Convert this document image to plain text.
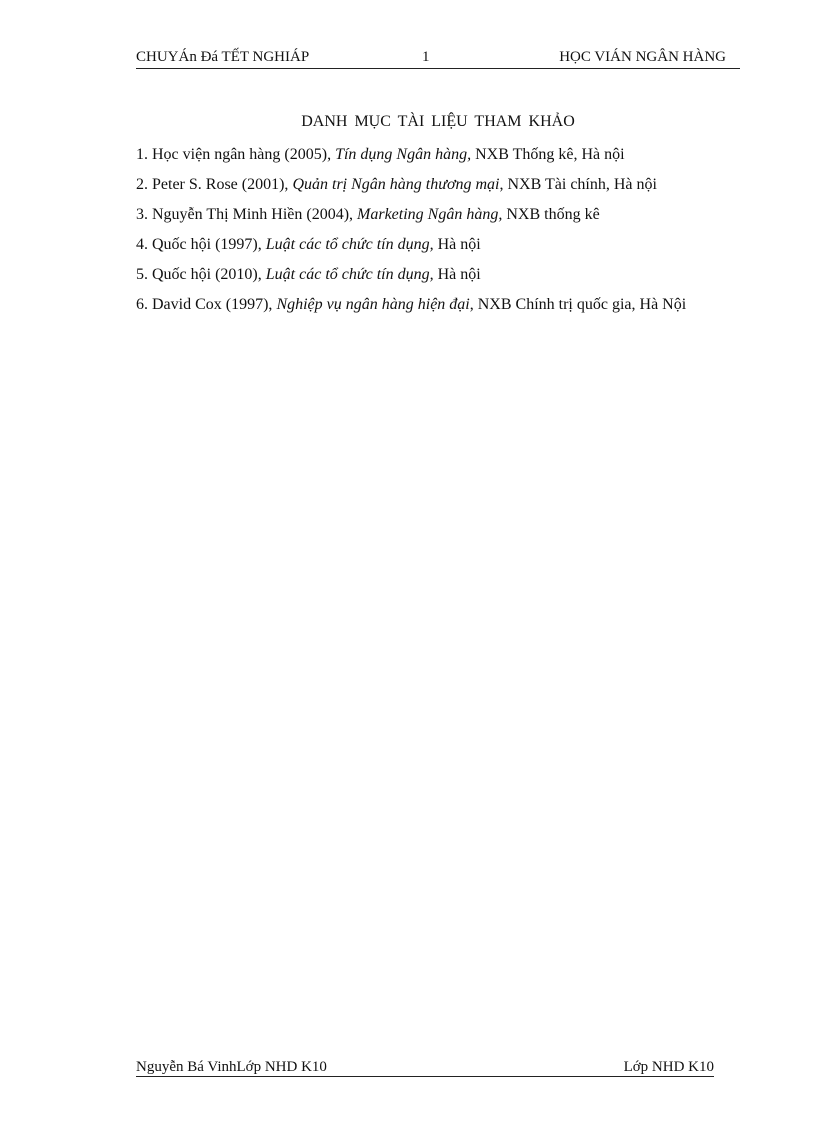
CHUYÁn Đá TẾT NGHIÁP	1	HỌC VIÁN NGÂN HÀNG

DANH MỤC TÀI LIỆU THAM KHẢO

1. Học viện ngân hàng (2005), Tín dụng Ngân hàng, NXB Thống kê, Hà nội

2. Peter S. Rose (2001), Quản trị Ngân hàng thương mại, NXB Tài chính, Hà nội

3. Nguyễn Thị Minh Hiền (2004), Marketing Ngân hàng, NXB thống kê

4. Quốc hội (1997), Luật các tổ chức tín dụng, Hà nội

5. Quốc hội (2010), Luật các tổ chức tín dụng, Hà nội

6. David Cox (1997), Nghiệp vụ ngân hàng hiện đại, NXB Chính trị quốc gia, Hà Nội

Nguyễn Bá VinhLớp NHD K10	Lớp NHD K10
